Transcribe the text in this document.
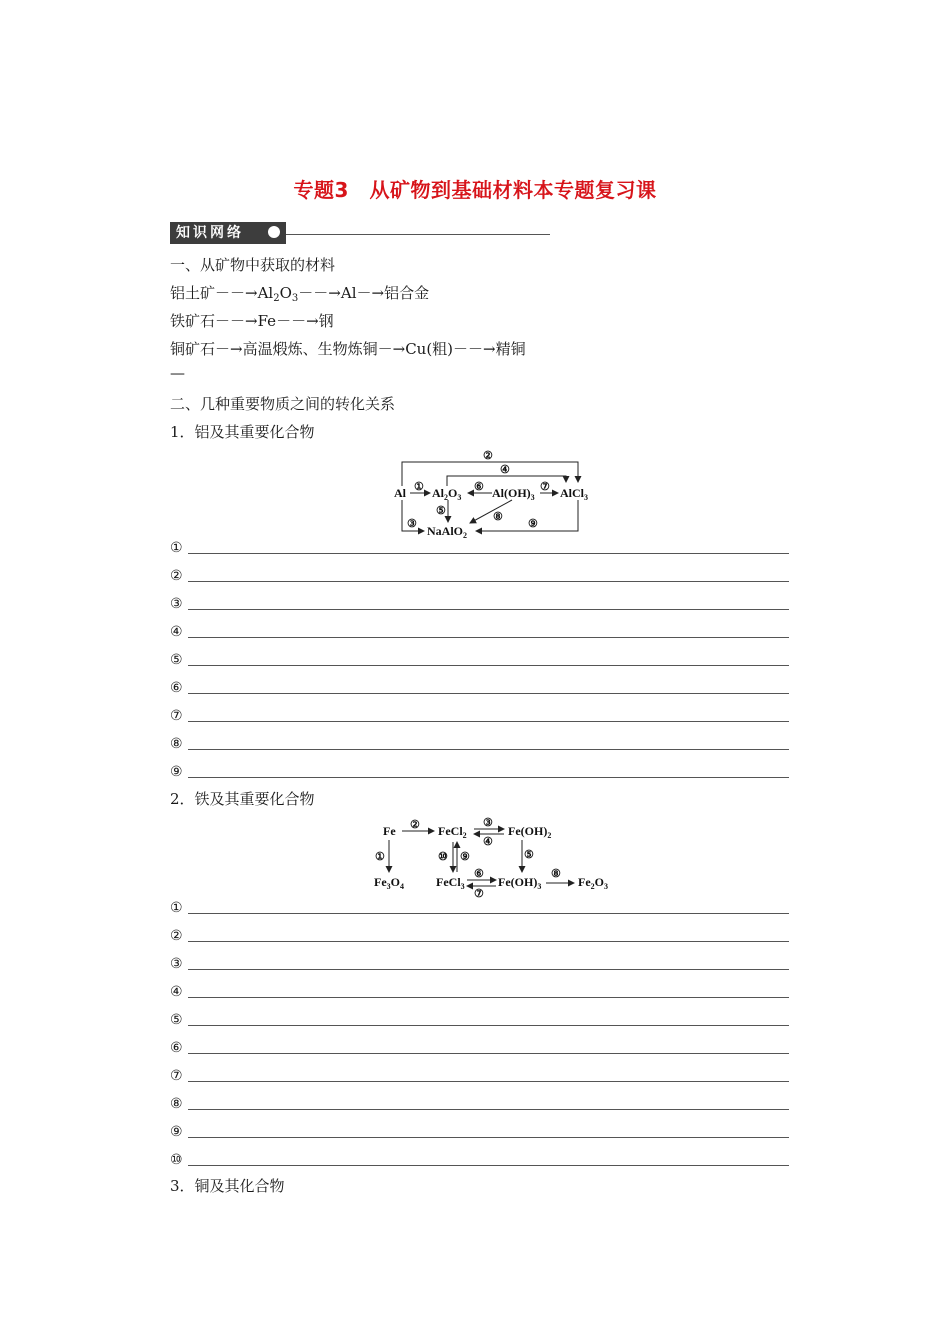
专题3　从矿物到基础材料本专题复习课
知识网络
一、从矿物中获取的材料
铝土矿$--\to Al_2O_3--\to Al-\to$铝合金
铁矿石－－→Fe－－→钢
铜矿石－→高温煅炼、生物炼铜－→Cu(粗)－－→精铜
—
二、几种重要物质之间的转化关系
1．铝及其重要化合物
Al $Al_2O_3$	$Al(OH)_3$ AlCl$_3$
NaAlO$_2$
①
②
③
④
⑤
⑥	⑦
⑧
⑨
①
②
③
④
⑤
⑥
⑦
⑧
⑨
2．铁及其重要化合物
Fe	FeCl$_2$	$Fe(OH)_2$
$Fe_3O_4$	FeCl$_3$	$Fe(OH)_3$	$Fe_2O_3$
①
②	③
④
⑤
⑥
⑦
⑧
⑨
⑩
①
②
③
④
⑤
⑥
⑦
⑧
⑨
⑩
3．铜及其化合物
